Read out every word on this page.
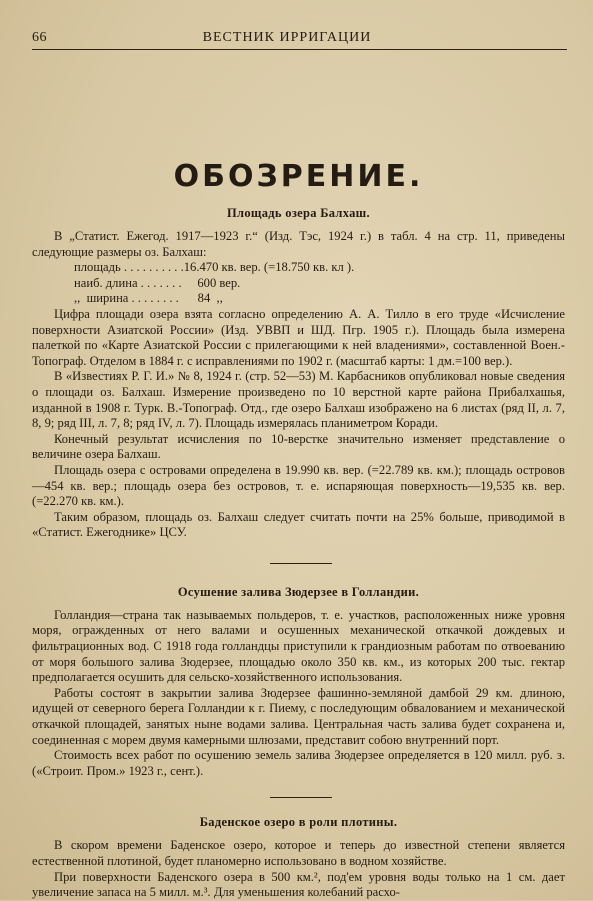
66	ВЕСТНИК ИРРИГАЦИИ
ОБОЗРЕНИЕ.
Площадь озера Балхаш.

В „Статист. Ежегод. 1917—1923 г.“ (Изд. Тэс, 1924 г.) в табл. 4 на стр. 11, приведены следующие размеры оз. Балхаш:

площадь . . . . . . . . . .16.470 кв. вер. (=18.750 кв. кл ).
наиб. длина . . . . . . .     600 вер.
,,  ширина . . . . . . . .      84  ,,

Цифра площади озера взята согласно определению А. А. Тилло в его труде «Исчисление поверхности Азиатской России» (Изд. УВВП и ШД. Пгр. 1905 г.). Площадь была измерена палеткой по «Карте Азиатской России с прилегающими к ней владениями», составленной Воен.-Топограф. Отделом в 1884 г. с исправлениями по 1902 г. (масштаб карты: 1 дм.=100 вер.).

В «Известиях Р. Г. И.» № 8, 1924 г. (стр. 52—53) М. Карбасников опубликовал новые сведения о площади оз. Балхаш. Измерение произведено по 10 верстной карте района Прибалхашья, изданной в 1908 г. Турк. В.-Топограф. Отд., где озеро Балхаш изображено на 6 листах (ряд II, л. 7, 8, 9; ряд III, л. 7, 8; ряд IV, л. 7). Площадь измерялась планиметром Коради.

Конечный результат исчисления по 10-верстке значительно изменяет представление о величине озера Балхаш.

Площадь озера с островами определена в 19.990 кв. вер. (=22.789 кв. км.); площадь островов—454 кв. вер.; площадь озера без островов, т. е. испаряющая поверхность—19,535 кв. вер. (=22.270 кв. км.).

Таким образом, площадь оз. Балхаш следует считать почти на 25% больше, приводимой в «Статист. Ежегоднике» ЦСУ.

Осушение залива Зюдерзее в Голландии.

Голландия—страна так называемых польдеров, т. е. участков, расположенных ниже уровня моря, огражденных от него валами и осушенных механической откачкой дождевых и фильтрационных вод. С 1918 года голландцы приступили к грандиозным работам по отвоеванию от моря большого залива Зюдерзее, площадью около 350 кв. км., из которых 200 тыс. гектар предполагается осушить для сельско-хозяйственного использования.

Работы состоят в закрытии залива Зюдерзее фашинно-земляной дамбой 29 км. длиною, идущей от северного берега Голландии к г. Пиему, с последующим обвалованием и механической откачкой площадей, занятых ныне водами залива. Центральная часть залива будет сохранена и, соединенная с морем двумя камерными шлюзами, представит собою внутренний порт.

Стоимость всех работ по осушению земель залива Зюдерзее определяется в 120 милл. руб. з. («Строит. Пром.» 1923 г., сент.).

Баденское озеро в роли плотины.

В скором времени Баденское озеро, которое и теперь до известной степени является естественной плотиной, будет планомерно использовано в водном хозяйстве.

При поверхности Баденского озера в 500 км.², под'ем уровня воды только на 1 см. дает увеличение запаса на 5 милл. м.³. Для уменьшения колебаний расхо-
